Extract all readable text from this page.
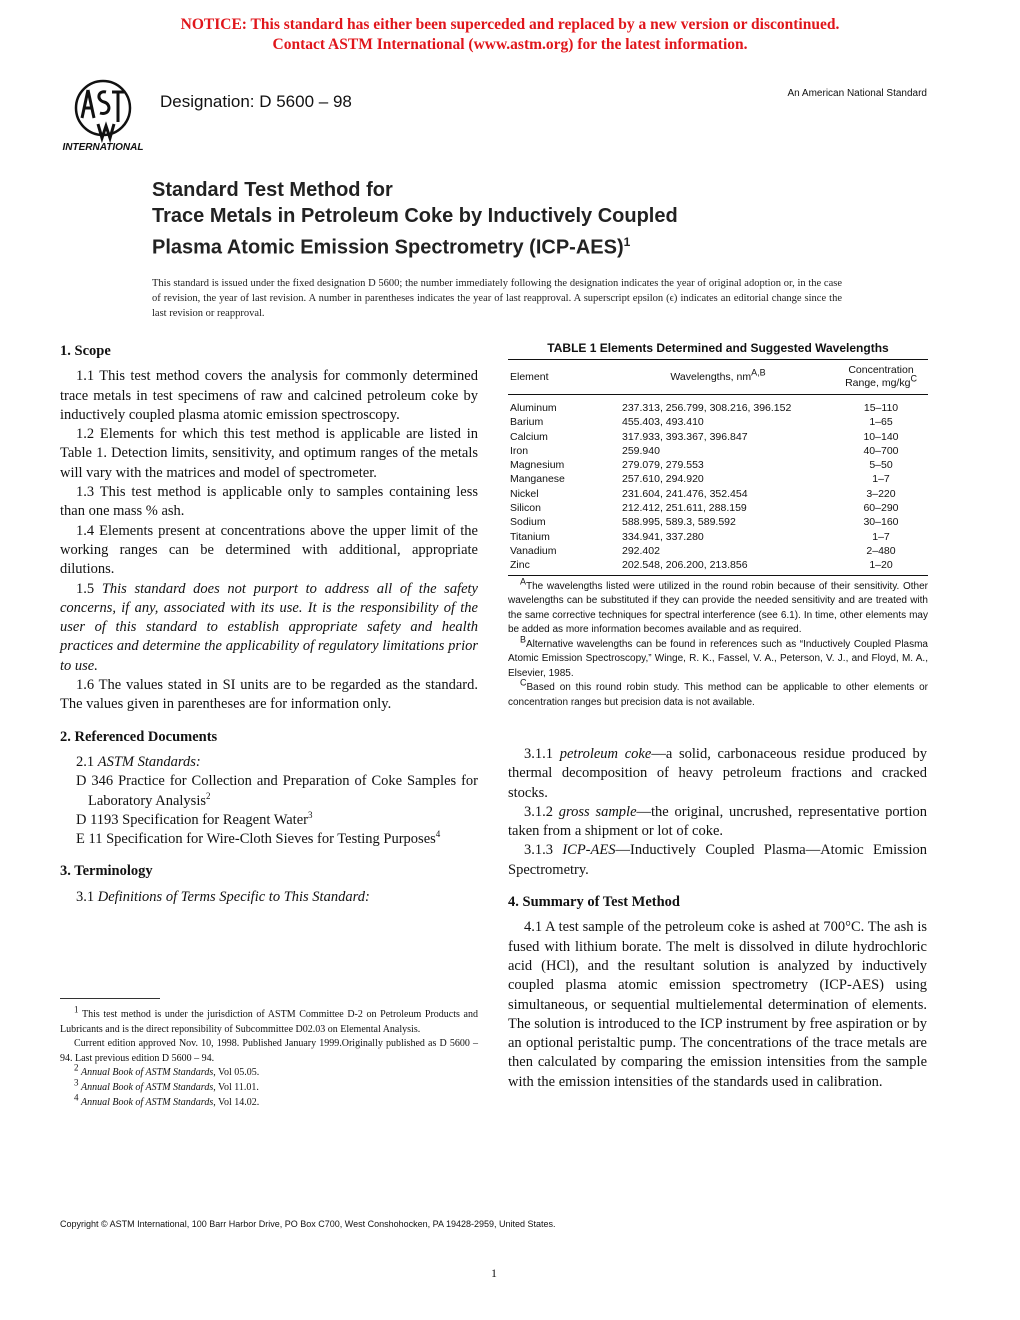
NOTICE: This standard has either been superceded and replaced by a new version or discontinued.
Contact ASTM International (www.astm.org) for the latest information.
INTERNATIONAL
Designation: D 5600 – 98	An American National Standard
Standard Test Method for
Trace Metals in Petroleum Coke by Inductively Coupled
Plasma Atomic Emission Spectrometry $(ICP-AES)^1$
This standard is issued under the fixed designation D 5600; the number immediately following the designation indicates the year of original adoption or, in the case of revision, the year of last revision. A number in parentheses indicates the year of last reapproval. A superscript epsilon (ϵ) indicates an editorial change since the last revision or reapproval.
1. Scope

1.1 This test method covers the analysis for commonly determined trace metals in test specimens of raw and calcined petroleum coke by inductively coupled plasma atomic emission spectroscopy.

1.2 Elements for which this test method is applicable are listed in Table 1. Detection limits, sensitivity, and optimum ranges of the metals will vary with the matrices and model of spectrometer.

1.3 This test method is applicable only to samples containing less than one mass % ash.

1.4 Elements present at concentrations above the upper limit of the working ranges can be determined with additional, appropriate dilutions.

1.5 This standard does not purport to address all of the safety concerns, if any, associated with its use. It is the responsibility of the user of this standard to establish appropriate safety and health practices and determine the applicability of regulatory limitations prior to use.

1.6 The values stated in SI units are to be regarded as the standard. The values given in parentheses are for information only.

2. Referenced Documents

2.1 ASTM Standards:

D 346 Practice for Collection and Preparation of Coke Samples for Laboratory Analysis$^2$

D 1193 Specification for Reagent Water$^3$

E 11 Specification for Wire-Cloth Sieves for Testing Purposes$^4$

3. Terminology

3.1 Definitions of Terms Specific to This Standard:

1 This test method is under the jurisdiction of ASTM Committee D-2 on Petroleum Products and Lubricants and is the direct reponsibility of Subcommittee D02.03 on Elemental Analysis.

Current edition approved Nov. 10, 1998. Published January 1999.Originally published as D 5600 – 94. Last previous edition D 5600 – 94.

2 Annual Book of ASTM Standards, Vol 05.05.

3 Annual Book of ASTM Standards, Vol 11.01.

4 Annual Book of ASTM Standards, Vol 14.02.

TABLE 1 Elements Determined and Suggested Wavelengths
Element	Wavelengths, nmA,B	Concentration
Range, mg/kgC

Aluminum	237.313, 256.799, 308.216, 396.152	15–110
Barium	455.403, 493.410	1–65
Calcium	317.933, 393.367, 396.847	10–140
Iron	259.940	40–700
Magnesium	279.079, 279.553	5–50
Manganese	257.610, 294.920	1–7
Nickel	231.604, 241.476, 352.454	3–220
Silicon	212.412, 251.611, 288.159	60–290
Sodium	588.995, 589.3, 589.592	30–160
Titanium	334.941, 337.280	1–7
Vanadium	292.402	2–480
Zinc	202.548, 206.200, 213.856	1–20

AThe wavelengths listed were utilized in the round robin because of their sensitivity. Other wavelengths can be substituted if they can provide the needed sensitivity and are treated with the same corrective techniques for spectral interference (see 6.1). In time, other elements may be added as more information becomes available and as required.

BAlternative wavelengths can be found in references such as “Inductively Coupled Plasma Atomic Emission Spectroscopy,” Winge, R. K., Fassel, V. A., Peterson, V. J., and Floyd, M. A., Elsevier, 1985.

CBased on this round robin study. This method can be applicable to other elements or concentration ranges but precision data is not available.

3.1.1 petroleum coke—a solid, carbonaceous residue produced by thermal decomposition of heavy petroleum fractions and cracked stocks.

3.1.2 gross sample—the original, uncrushed, representative portion taken from a shipment or lot of coke.

3.1.3 ICP-AES—Inductively Coupled Plasma—Atomic Emission Spectrometry.

4. Summary of Test Method

4.1 A test sample of the petroleum coke is ashed at 700°C. The ash is fused with lithium borate. The melt is dissolved in dilute hydrochloric acid (HCl), and the resultant solution is analyzed by inductively coupled plasma atomic emission spectrometry (ICP-AES) using simultaneous, or sequential multielemental determination of elements. The solution is introduced to the ICP instrument by free aspiration or by an optional peristaltic pump. The concentrations of the trace metals are then calculated by comparing the emission intensities from the sample with the emission intensities of the standards used in calibration.

Copyright © ASTM International, 100 Barr Harbor Drive, PO Box C700, West Conshohocken, PA 19428-2959, United States.
1
